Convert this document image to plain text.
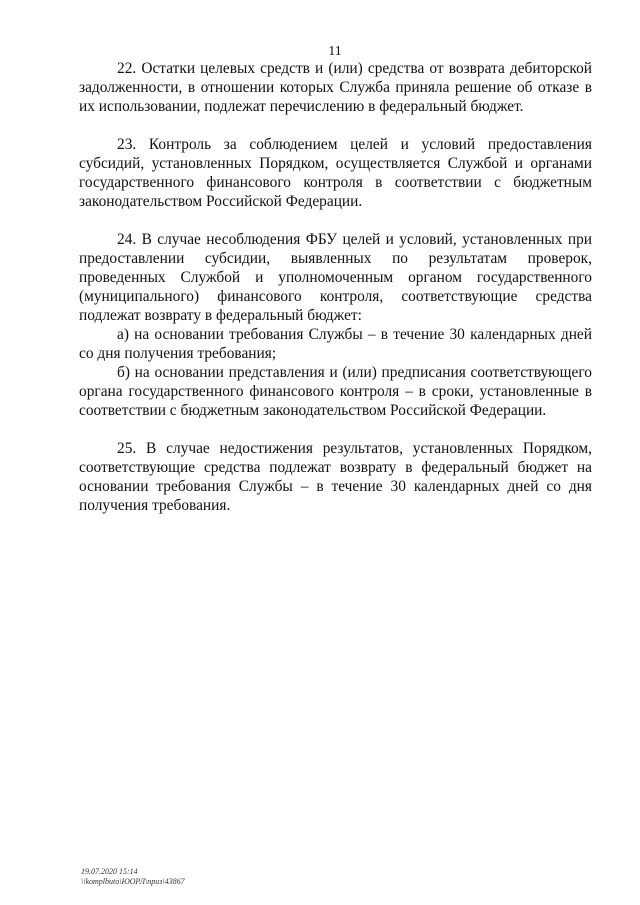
11

22. Остатки целевых средств и (или) средства от возврата дебиторской задолженности, в отношении которых Служба приняла решение об отказе в их использовании, подлежат перечислению в федеральный бюджет.

23. Контроль за соблюдением целей и условий предоставления субсидий, установленных Порядком, осуществляется Службой и органами государственного финансового контроля в соответствии с бюджетным законодательством Российской Федерации.

24. В случае несоблюдения ФБУ целей и условий, установленных при предоставлении субсидии, выявленных по результатам проверок, проведенных Службой и уполномоченным органом государственного (муниципального) финансового контроля, соответствующие средства подлежат возврату в федеральный бюджет:

а) на основании требования Службы – в течение 30 календарных дней со дня получения требования;

б) на основании представления и (или) предписания соответствующего органа государственного финансового контроля – в сроки, установленные в соответствии с бюджетным законодательством Российской Федерации.

25. В случае недостижения результатов, установленных Порядком, соответствующие средства подлежат возврату в федеральный бюджет на основании требования Службы – в течение 30 календарных дней со дня получения требования.

19.07.2020 15:14
\\komplbuto\ЮОРЛ\приз\43867
